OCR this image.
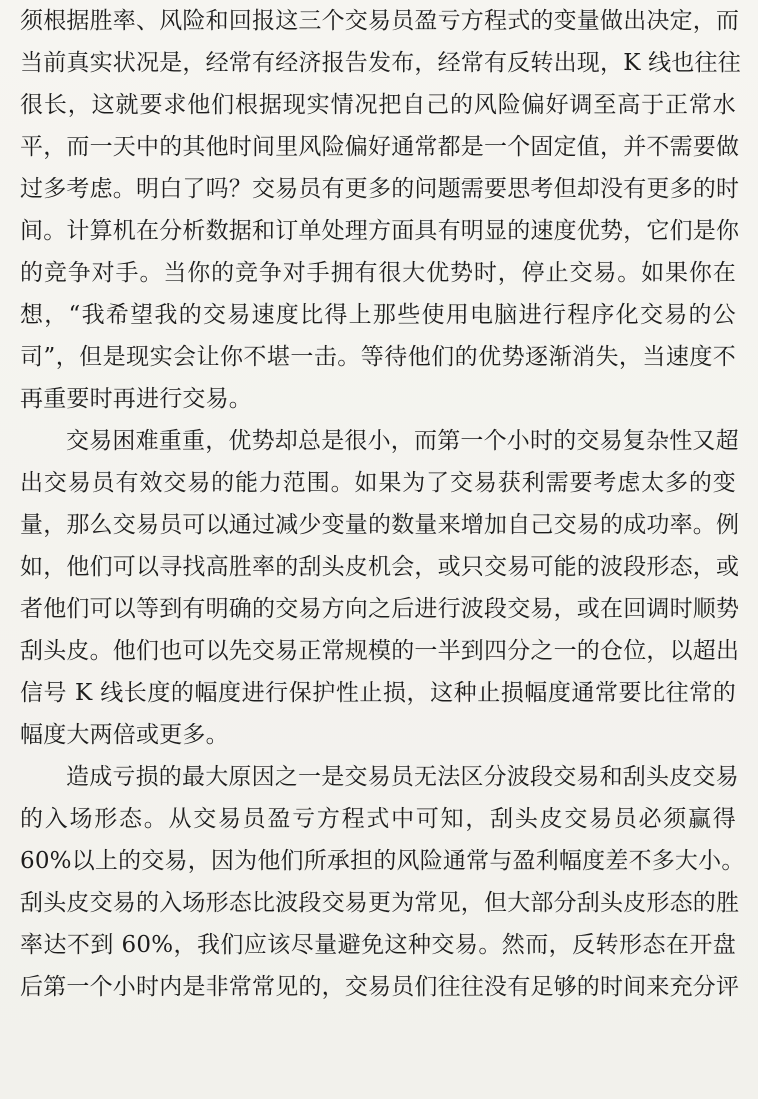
须根据胜率、风险和回报这三个交易员盈亏方程式的变量做出决定，而
当前真实状况是，经常有经济报告发布，经常有反转出现，K 线也往往
很长，这就要求他们根据现实情况把自己的风险偏好调至高于正常水
平，而一天中的其他时间里风险偏好通常都是一个固定值，并不需要做
过多考虑。明白了吗？交易员有更多的问题需要思考但却没有更多的时
间。计算机在分析数据和订单处理方面具有明显的速度优势，它们是你
的竞争对手。当你的竞争对手拥有很大优势时，停止交易。如果你在
想，“我希望我的交易速度比得上那些使用电脑进行程序化交易的公
司”，但是现实会让你不堪一击。等待他们的优势逐渐消失，当速度不
再重要时再进行交易。
交易困难重重，优势却总是很小，而第一个小时的交易复杂性又超
出交易员有效交易的能力范围。如果为了交易获利需要考虑太多的变
量，那么交易员可以通过减少变量的数量来增加自己交易的成功率。例
如，他们可以寻找高胜率的刮头皮机会，或只交易可能的波段形态，或
者他们可以等到有明确的交易方向之后进行波段交易，或在回调时顺势
刮头皮。他们也可以先交易正常规模的一半到四分之一的仓位，以超出
信号 K 线长度的幅度进行保护性止损，这种止损幅度通常要比往常的
幅度大两倍或更多。
造成亏损的最大原因之一是交易员无法区分波段交易和刮头皮交易
的入场形态。从交易员盈亏方程式中可知，刮头皮交易员必须赢得
60%以上的交易，因为他们所承担的风险通常与盈利幅度差不多大小。
刮头皮交易的入场形态比波段交易更为常见，但大部分刮头皮形态的胜
率达不到 60%，我们应该尽量避免这种交易。然而，反转形态在开盘
后第一个小时内是非常常见的，交易员们往往没有足够的时间来充分评
